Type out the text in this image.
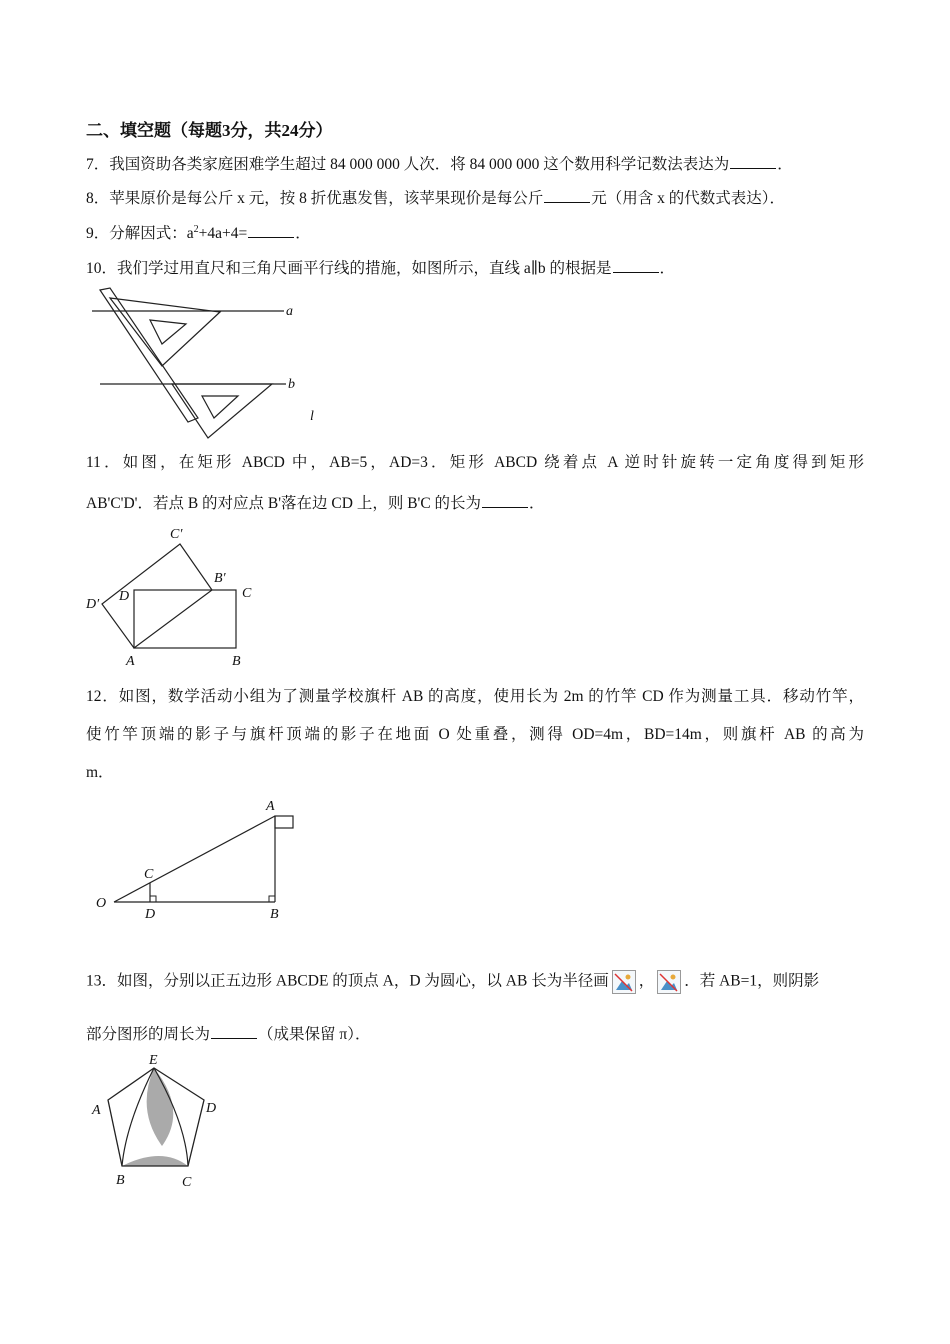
二、填空题（每题3分，共24分）
7．我国资助各类家庭困难学生超过 84 000 000 人次．将 84 000 000 这个数用科学记数法表达为	．
8．苹果原价是每公斤 x 元，按 8 折优惠发售，该苹果现价是每公斤	元（用含 x 的代数式表达）．
9．分解因式：$a^2+4a+4=$	．
10．我们学过用直尺和三角尺画平行线的措施，如图所示，直线 a∥b 的根据是	．
a
b
l
11．如图，在矩形 ABCD 中，AB=5，AD=3．矩形 ABCD 绕着点 A 逆时针旋转一定角度得到矩形
AB'C'D'．若点 B 的对应点 B'落在边 CD 上，则 B'C 的长为	．
C′
B′
C
D′
D
A	B
12．如图，数学活动小组为了测量学校旗杆 AB 的高度，使用长为 2m 的竹竿 CD 作为测量工具．移动竹竿，
使竹竿顶端的影子与旗杆顶端的影子在地面 O 处重叠，测得 OD=4m，BD=14m，则旗杆 AB 的高为
m．
A
C
O
D	B
13．如图，分别以正五边形 ABCDE 的顶点 A，D 为圆心，以 AB 长为半径画 ， ．若 AB=1，则阴影
部分图形的周长为	（成果保留 π）．
E
A	D
B	C
